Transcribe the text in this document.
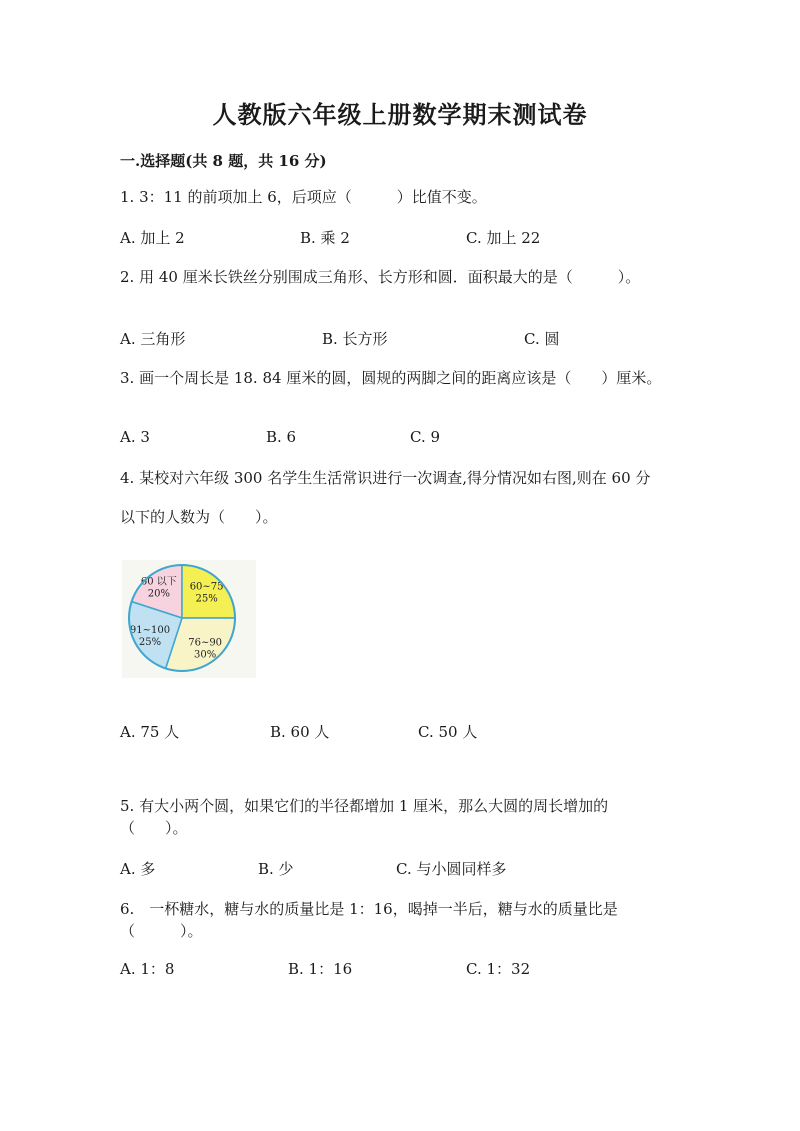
人教版六年级上册数学期末测试卷
一.选择题(共 8 题，共 16 分)
1. 3：11 的前项加上 6，后项应（　　　）比值不变。
A. 加上 2	B. 乘 2	C. 加上 22
2. 用 40 厘米长铁丝分别围成三角形、长方形和圆．面积最大的是（　　　）。
A. 三角形	B. 长方形	C. 圆
3. 画一个周长是 18. 84 厘米的圆，圆规的两脚之间的距离应该是（　　）厘米。
A. 3	B. 6	C. 9
4. 某校对六年级 300 名学生生活常识进行一次调查,得分情况如右图,则在 60 分
以下的人数为（　　）。
60 以下
20%
60~75
25%
76~90
30%
91~100
25%
A. 75 人	B. 60 人	C. 50 人
5. 有大小两个圆，如果它们的半径都增加 1 厘米，那么大圆的周长增加的（　　）。
A. 多	B. 少	C. 与小圆同样多
6.　一杯糖水，糖与水的质量比是 1：16，喝掉一半后，糖与水的质量比是（　　　）。
A. 1：8	B. 1：16	C. 1：32
